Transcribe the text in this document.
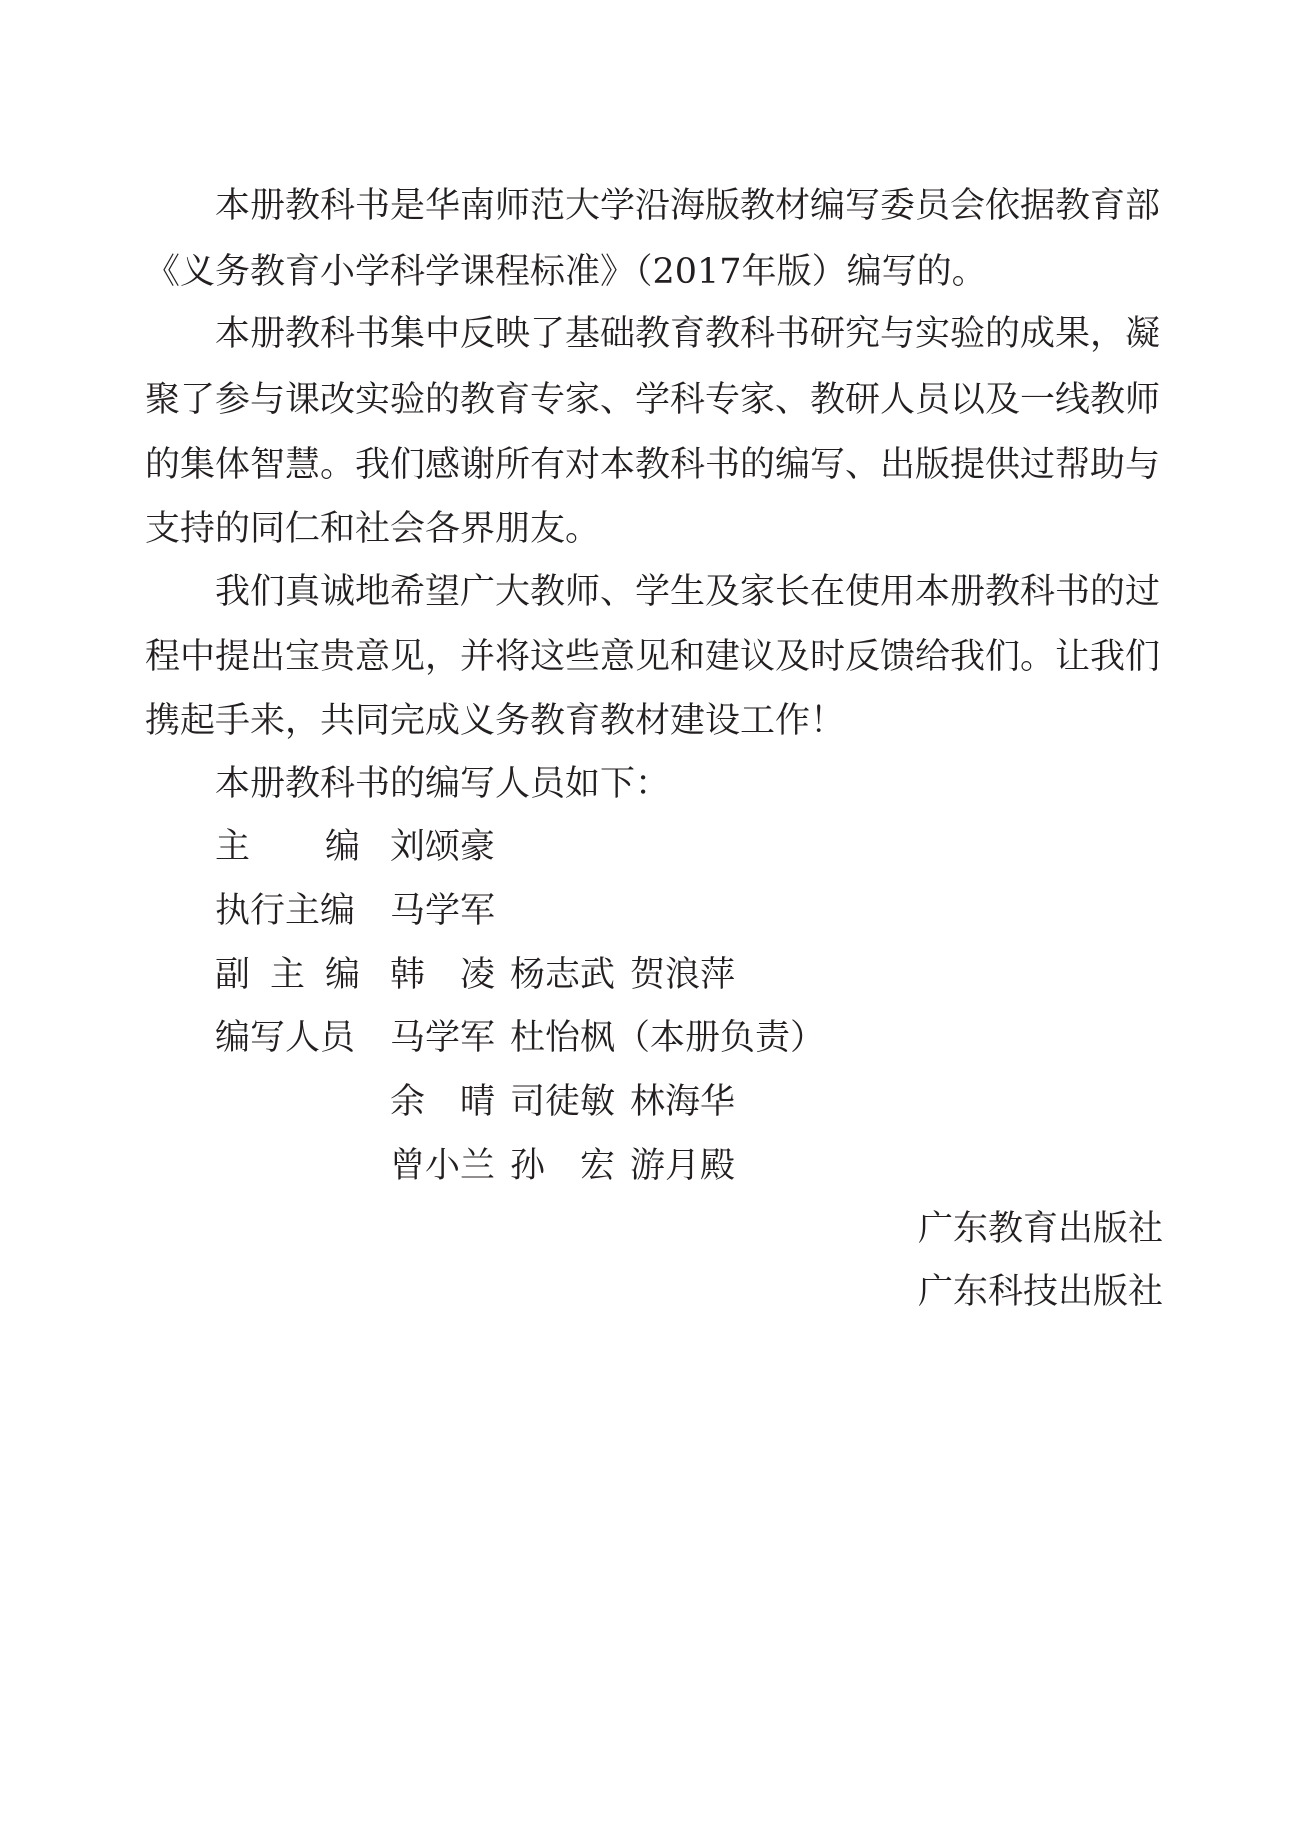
本册教科书是华南师范大学沿海版教材编写委员会依据教育部
《义务教育小学科学课程标准》（2017年版）编写的。
本册教科书集中反映了基础教育教科书研究与实验的成果，凝
聚了参与课改实验的教育专家、学科专家、教研人员以及一线教师
的集体智慧。我们感谢所有对本教科书的编写、出版提供过帮助与
支持的同仁和社会各界朋友。
我们真诚地希望广大教师、学生及家长在使用本册教科书的过
程中提出宝贵意见，并将这些意见和建议及时反馈给我们。让我们
携起手来，共同完成义务教育教材建设工作！
本册教科书的编写人员如下：
主 编 刘颂豪
执行主编 马学军
副 主 编 韩 凌 杨志武 贺浪萍
编写人员 马学军 杜怡枫（本册负责）
余 晴 司徒敏 林海华
曾小兰 孙 宏 游月殿
广东教育出版社
广东科技出版社
